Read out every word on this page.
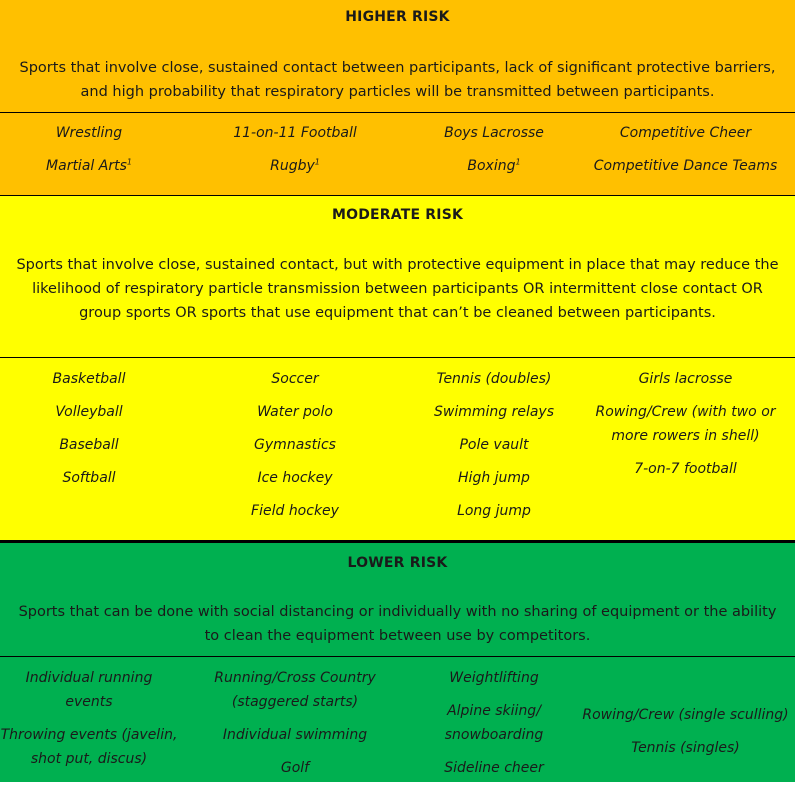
HIGHER RISK
Sports that involve close, sustained contact between participants, lack of significant protective barriers, and high probability that respiratory particles will be transmitted between participants.
Wrestling
Martial Arts$^1$
11-on-11 Football
Rugby$^1$
Boys Lacrosse
Boxing$^1$
Competitive Cheer
Competitive Dance Teams
MODERATE RISK
Sports that involve close, sustained contact, but with protective equipment in place that may reduce the likelihood of respiratory particle transmission between participants OR intermittent close contact OR group sports OR sports that use equipment that can’t be cleaned between participants.
Basketball
Volleyball
Baseball
Softball
Soccer
Water polo
Gymnastics
Ice hockey
Field hockey
Tennis (doubles)
Swimming relays
Pole vault
High jump
Long jump
Girls lacrosse
Rowing/Crew (with two or more rowers in shell)
7-on-7 football
LOWER RISK
Sports that can be done with social distancing or individually with no sharing of equipment or the ability to clean the equipment between use by competitors.
Individual running events
Throwing events (javelin, shot put, discus)
Running/Cross Country (staggered starts)
Individual swimming
Golf
Weightlifting
Alpine skiing/ snowboarding
Sideline cheer
Rowing/Crew (single sculling)
Tennis (singles)
